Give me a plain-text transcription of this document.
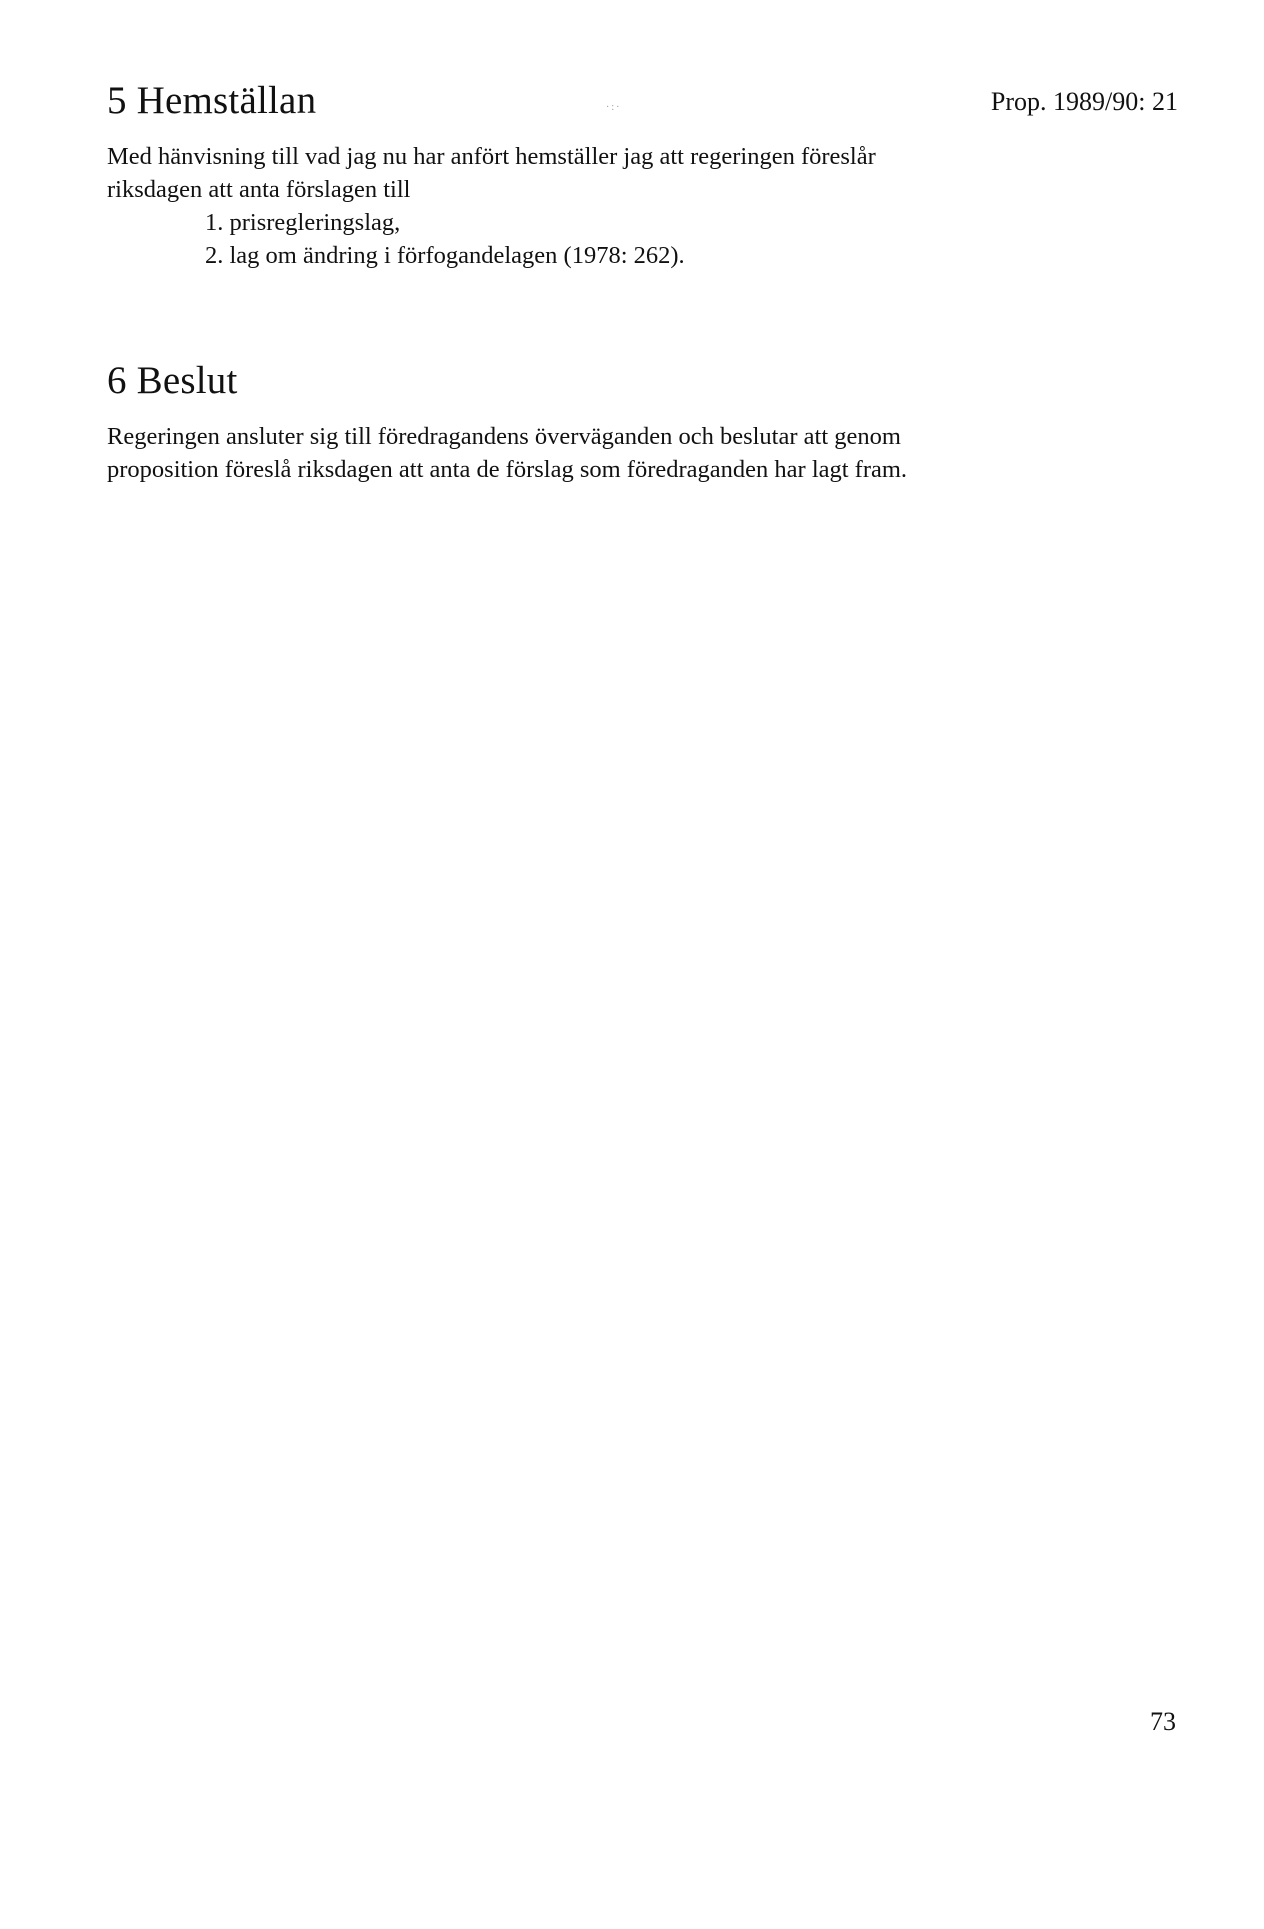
5 Hemställan	Prop. 1989/90: 21
·:·

Med hänvisning till vad jag nu har anfört hemställer jag att regeringen föreslår riksdagen att anta förslagen till

1. prisregleringslag,
2. lag om ändring i förfogandelagen (1978: 262).
6 Beslut

Regeringen ansluter sig till föredragandens överväganden och beslutar att genom proposition föreslå riksdagen att anta de förslag som föredraganden har lagt fram.

73
